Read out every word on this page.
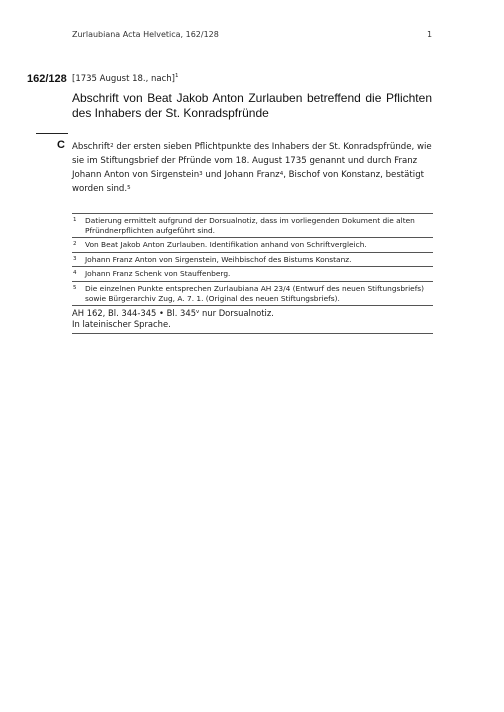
Zurlaubiana Acta Helvetica, 162/128	1
162/128 [1735 August 18., nach]$^1$
Abschrift von Beat Jakob Anton Zurlauben betreffend die Pflichten des Inhabers der St. Konradspfründe
C Abschrift$^2$ der ersten sieben Pflichtpunkte des Inhabers der St. Konradspfründe, wie sie im Stiftungsbrief der Pfründe vom 18. August 1735 genannt und durch Franz Johann Anton von Sirgenstein$^3$ und Johann Franz$^4$, Bischof von Konstanz, bestätigt worden sind.$^5$
1	Datierung ermittelt aufgrund der Dorsualnotiz, dass im vorliegenden Dokument die alten Pfründnerpflichten aufgeführt sind.
2	Von Beat Jakob Anton Zurlauben. Identifikation anhand von Schriftvergleich.
3	Johann Franz Anton von Sirgenstein, Weihbischof des Bistums Konstanz.
4	Johann Franz Schenk von Stauffenberg.
5	Die einzelnen Punkte entsprechen Zurlaubiana AH 23/4 (Entwurf des neuen Stiftungsbriefs) sowie Bürgerarchiv Zug, A. 7. 1. (Original des neuen Stiftungsbriefs).
AH 162, Bl. 344-345 • Bl. 345$^v$ nur Dorsualnotiz.
In lateinischer Sprache.
